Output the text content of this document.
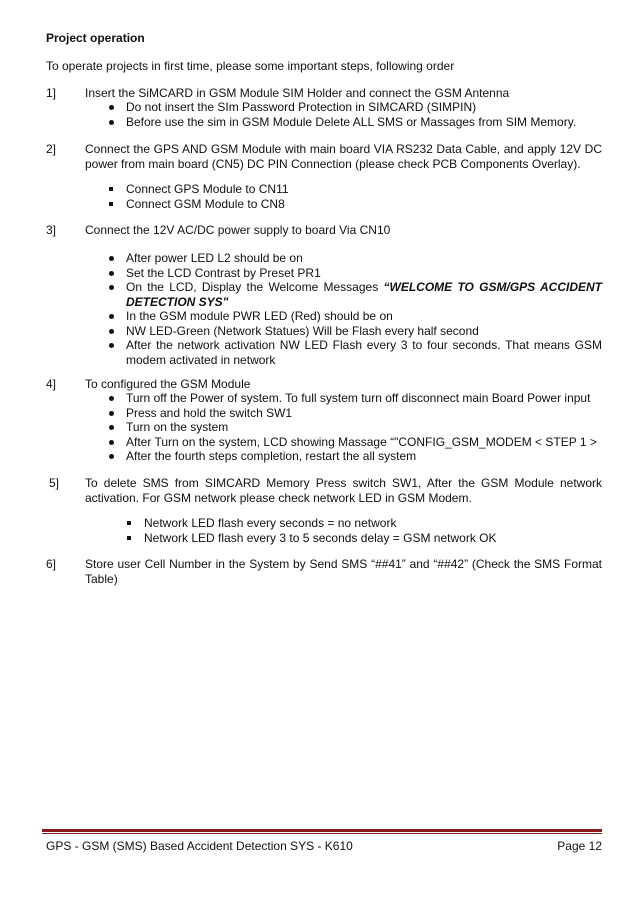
Project operation
To operate projects in first time, please some important steps, following order
1] Insert the SiMCARD in GSM Module SIM Holder and connect the GSM Antenna
Do not insert the SIm Password Protection in SIMCARD (SIMPIN)
Before use the sim in GSM Module Delete ALL SMS or Massages from SIM Memory.
2] Connect the GPS AND GSM Module with main board VIA RS232 Data Cable, and apply 12V DC power from main board (CN5) DC PIN Connection (please check PCB Components Overlay).
Connect GPS Module to CN11
Connect GSM Module to CN8
3] Connect the 12V AC/DC power supply to board Via CN10
After power LED L2 should be on
Set the LCD Contrast by Preset PR1
On the LCD, Display the Welcome Messages “WELCOME TO GSM/GPS ACCIDENT DETECTION SYS"
In the GSM module PWR LED (Red) should be on
NW LED-Green (Network Statues) Will be Flash every half second
After the network activation NW LED Flash every 3 to four seconds. That means GSM modem activated in network
4] To configured the GSM Module
Turn off the Power of system. To full system turn off disconnect main Board Power input
Press and hold the switch SW1
Turn on the system
After Turn on the system, LCD showing Massage “"CONFIG_GSM_MODEM < STEP 1 >
After the fourth steps completion, restart the all system
5] To delete SMS from SIMCARD Memory Press switch SW1, After the GSM Module network activation. For GSM network please check network LED in GSM Modem.
Network LED flash every seconds = no network
Network LED flash every 3 to 5 seconds delay = GSM network OK
6] Store user Cell Number in the System by Send SMS “##41” and “##42” (Check the SMS Format Table)
GPS - GSM (SMS) Based Accident Detection SYS - K610	Page 12
